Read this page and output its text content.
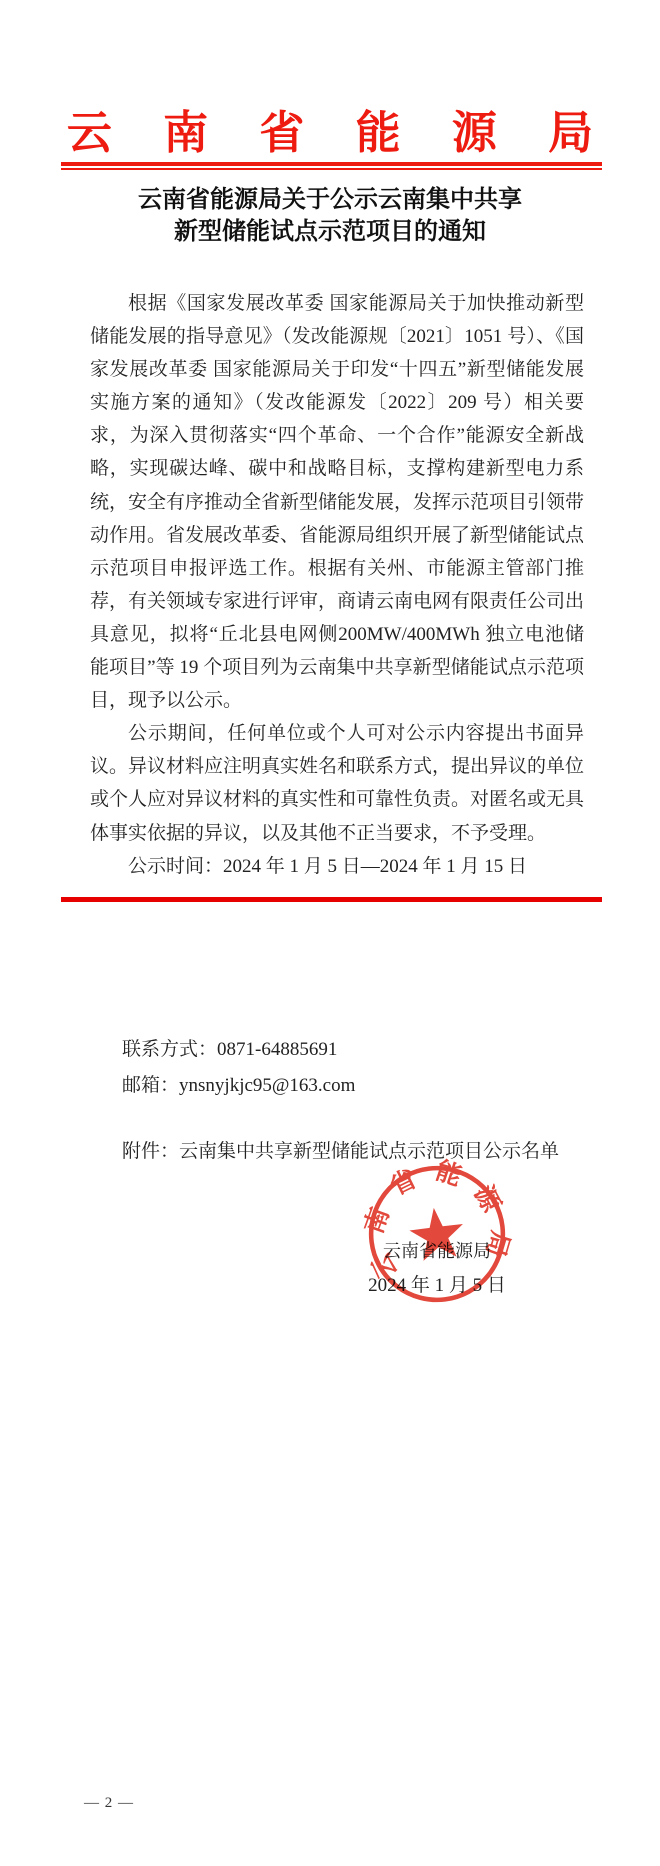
云 南 省 能 源 局
云南省能源局关于公示云南集中共享
新型储能试点示范项目的通知

根据《国家发展改革委 国家能源局关于加快推动新型储能发展的指导意见》（发改能源规〔2021〕1051 号）、《国家发展改革委 国家能源局关于印发“十四五”新型储能发展实施方案的通知》（发改能源发〔2022〕209 号）相关要求，为深入贯彻落实“四个革命、一个合作”能源安全新战略，实现碳达峰、碳中和战略目标，支撑构建新型电力系统，安全有序推动全省新型储能发展，发挥示范项目引领带动作用。省发展改革委、省能源局组织开展了新型储能试点示范项目申报评选工作。根据有关州、市能源主管部门推荐，有关领域专家进行评审，商请云南电网有限责任公司出具意见，拟将“丘北县电网侧200MW/400MWh 独立电池储能项目”等 19 个项目列为云南集中共享新型储能试点示范项目，现予以公示。

公示期间，任何单位或个人可对公示内容提出书面异议。异议材料应注明真实姓名和联系方式，提出异议的单位或个人应对异议材料的真实性和可靠性负责。对匿名或无具体事实依据的异议，以及其他不正当要求，不予受理。

公示时间：2024 年 1 月 5 日—2024 年 1 月 15 日

联系方式：0871-64885691
邮箱：ynsnyjkjc95@163.com
附件：云南集中共享新型储能试点示范项目公示名单
云南省能源局
2024 年 1 月 5 日
云南省能源局
— 2 —
